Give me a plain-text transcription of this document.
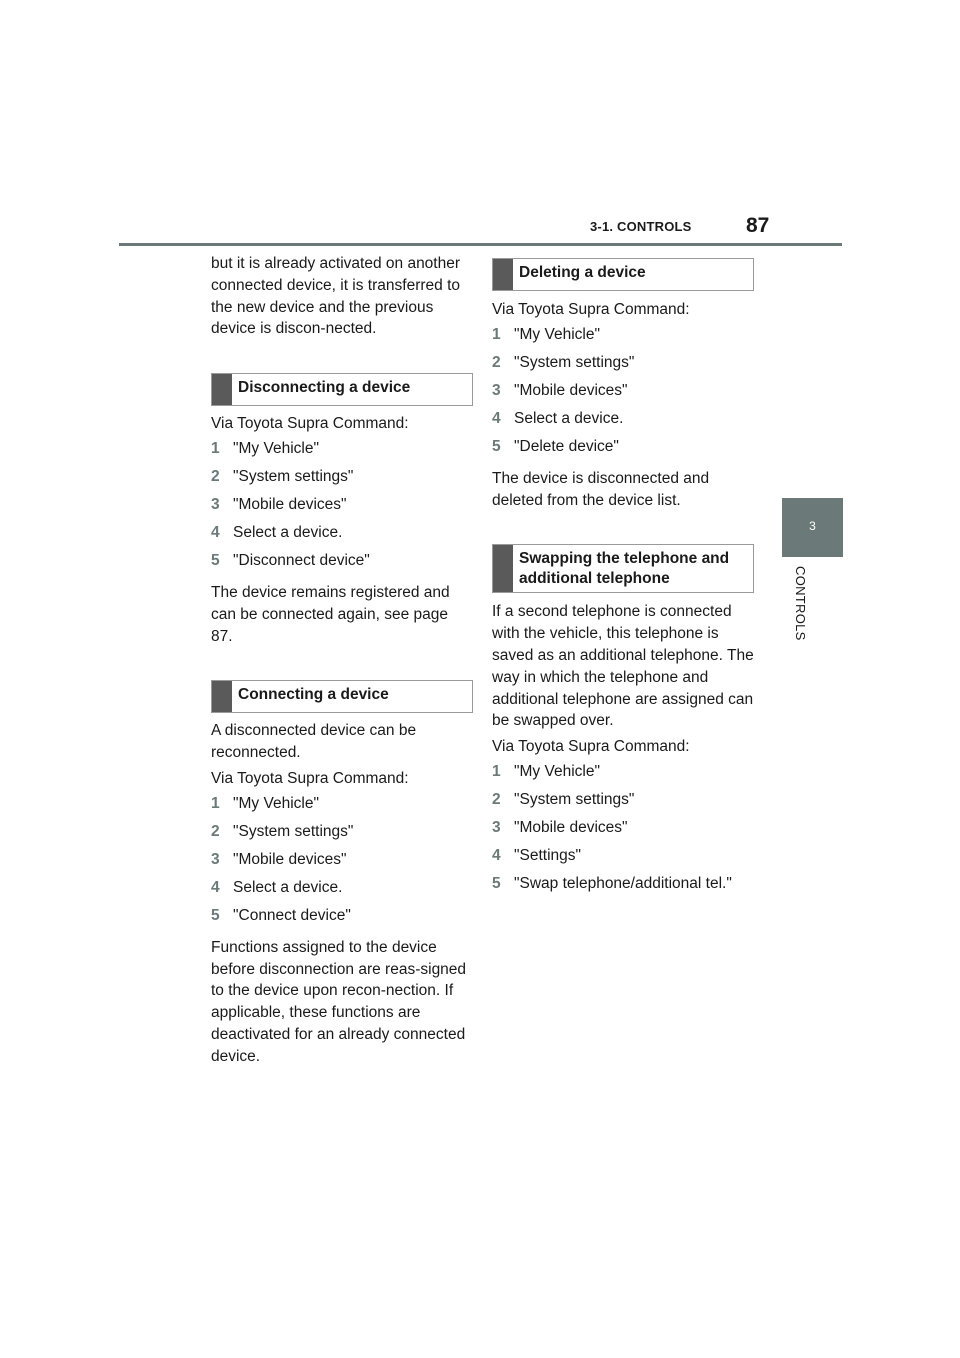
3-1. CONTROLS	87
3
CONTROLS

but it is already activated on another connected device, it is transferred to the new device and the previous device is discon-nected.

Disconnecting a device

Via Toyota Supra Command:

1 "My Vehicle"
2 "System settings"
3 "Mobile devices"
4 Select a device.
5 "Disconnect device"

The device remains registered and can be connected again, see page 87.

Connecting a device

A disconnected device can be reconnected.

Via Toyota Supra Command:

1 "My Vehicle"
2 "System settings"
3 "Mobile devices"
4 Select a device.
5 "Connect device"

Functions assigned to the device before disconnection are reas-signed to the device upon recon-nection. If applicable, these functions are deactivated for an already connected device.

Deleting a device

Via Toyota Supra Command:

1 "My Vehicle"
2 "System settings"
3 "Mobile devices"
4 Select a device.
5 "Delete device"

The device is disconnected and deleted from the device list.

Swapping the telephone and additional telephone

If a second telephone is connected with the vehicle, this telephone is saved as an additional telephone. The way in which the telephone and additional telephone are assigned can be swapped over.

Via Toyota Supra Command:

1 "My Vehicle"
2 "System settings"
3 "Mobile devices"
4 "Settings"
5 "Swap telephone/additional tel."
